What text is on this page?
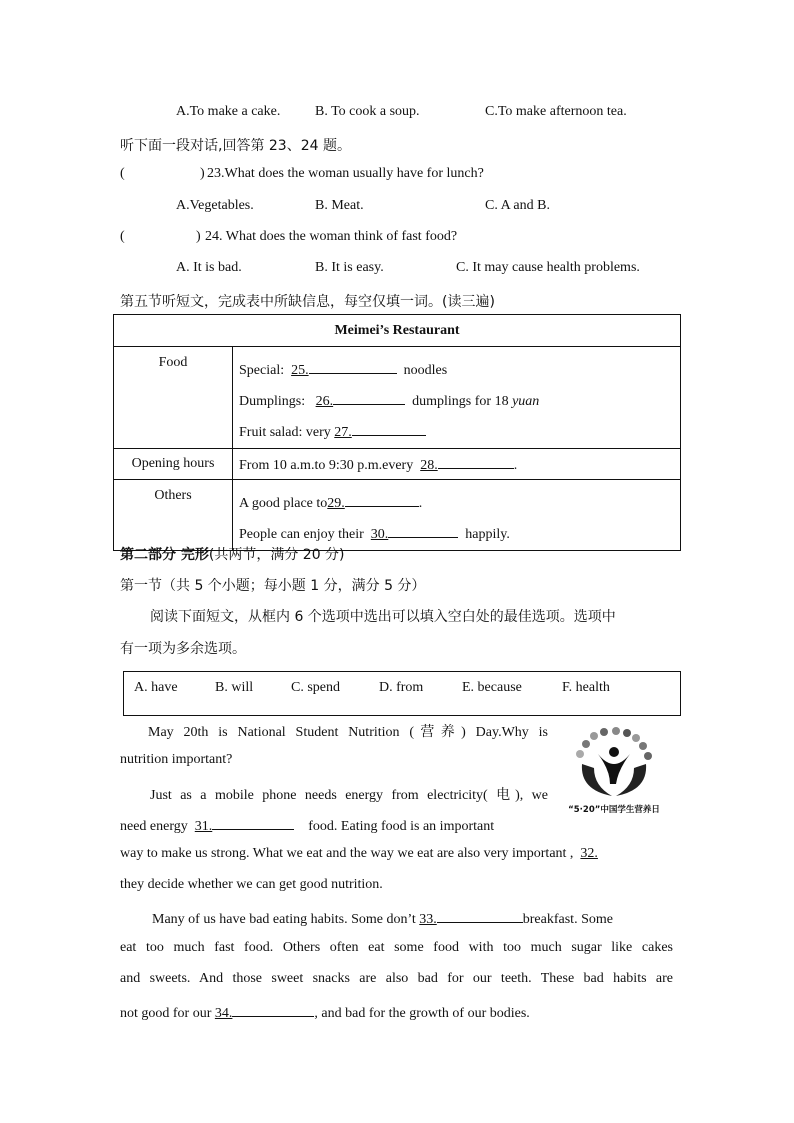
A.To make a cake. B. To cook a soup.	C.To make afternoon tea.
听下面一段对话,回答第 23、24 题。
(	) 23.What does the woman usually have for lunch?
A.Vegetables.	B. Meat.	C. A and B.
(	) 24. What does the woman think of fast food?
A. It is bad.	B. It is easy.	C. It may cause health problems.
第五节听短文，完成表中所缺信息，每空仅填一词。(读三遍)
Meimei’s Restaurant	
Food	Special: 25. noodles
Dumplings: 26. dumplings for 18 yuan
Fruit salad: very 27.

Opening hours	From 10 a.m.to 9:30 p.m.every 28. .
Others	A good place to29. .
People can enjoy their 30. happily.
第二部分 完形(共两节，满分 20 分)
第一节（共 5 个小题；每小题 1 分，满分 5 分）
阅读下面短文，从框内 6 个选项中选出可以填入空白处的最佳选项。选项中
有一项为多余选项。
A. have	B. will	C. spend	D. from	E. because	F. health
“5·20”中国学生营养日
May 20th is National Student Nutrition (营养) Day.Why is
nutrition important?
Just as a mobile phone needs energy from electricity( 电), we
need energy 31.	food. Eating food is an important
way to make us strong. What we eat and the way we eat are also very important , 32.
they decide whether we can get good nutrition.
Many of us have bad eating habits. Some don’t 33.	breakfast. Some
eat too much fast food. Others often eat some food with too much sugar like cakes
and sweets. And those sweet snacks are also bad for our teeth. These bad habits are
not good for our 34.	, and bad for the growth of our bodies.
